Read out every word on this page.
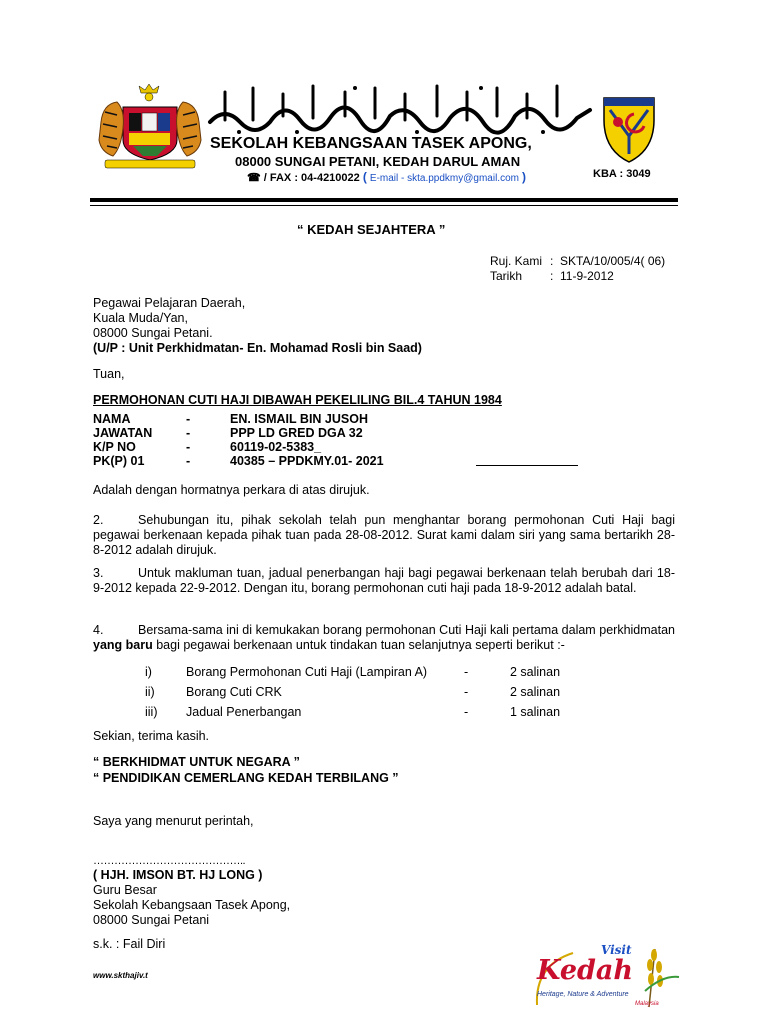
SEKOLAH KEBANGSAAN TASEK APONG,
08000 SUNGAI PETANI, KEDAH DARUL AMAN
☎ / FAX : 04-4210022 ( E-mail - skta.ppdkmy@gmail.com )	KBA : 3049
“ KEDAH SEJAHTERA ”
Ruj. Kami : SKTA/10/005/4( 06)
Tarikh : 11-9-2012
Pegawai Pelajaran Daerah,
Kuala Muda/Yan,
08000 Sungai Petani.
(U/P : Unit Perkhidmatan- En. Mohamad Rosli bin Saad)
Tuan,
PERMOHONAN CUTI HAJI DIBAWAH PEKELILING BIL.4 TAHUN 1984
NAMA	-	EN. ISMAIL BIN JUSOH
JAWATAN	-	PPP LD GRED DGA 32
K/P NO	-	60119-02-5383_
PK(P) 01	-	40385 – PPDKMY.01- 2021
Adalah dengan hormatnya perkara di atas dirujuk.
2.	Sehubungan itu, pihak sekolah telah pun menghantar borang permohonan Cuti Haji bagi pegawai berkenaan kepada pihak tuan pada 28-08-2012. Surat kami dalam siri yang sama bertarikh 28-8-2012 adalah dirujuk.
3.	Untuk makluman tuan, jadual penerbangan haji bagi pegawai berkenaan telah berubah dari 18-9-2012 kepada 22-9-2012. Dengan itu, borang permohonan cuti haji pada 18-9-2012 adalah batal.
4.	Bersama-sama ini di kemukakan borang permohonan Cuti Haji kali pertama dalam perkhidmatan yang baru bagi pegawai berkenaan untuk tindakan tuan selanjutnya seperti berikut :-
i)	Borang Permohonan Cuti Haji (Lampiran A)	-	2 salinan
ii)	Borang Cuti CRK	-	2 salinan
iii)	Jadual Penerbangan	-	1 salinan
Sekian, terima kasih.
“ BERKHIDMAT UNTUK NEGARA ”
“ PENDIDIKAN CEMERLANG KEDAH TERBILANG ”
Saya yang menurut perintah,
……………………………………..
( HJH. IMSON BT. HJ LONG )
Guru Besar
Sekolah Kebangsaan Tasek Apong,
08000 Sungai Petani
s.k. : Fail Diri
www.skthajiv.t
Visit
Kedah
Heritage, Nature & Adventure
Malaysia
